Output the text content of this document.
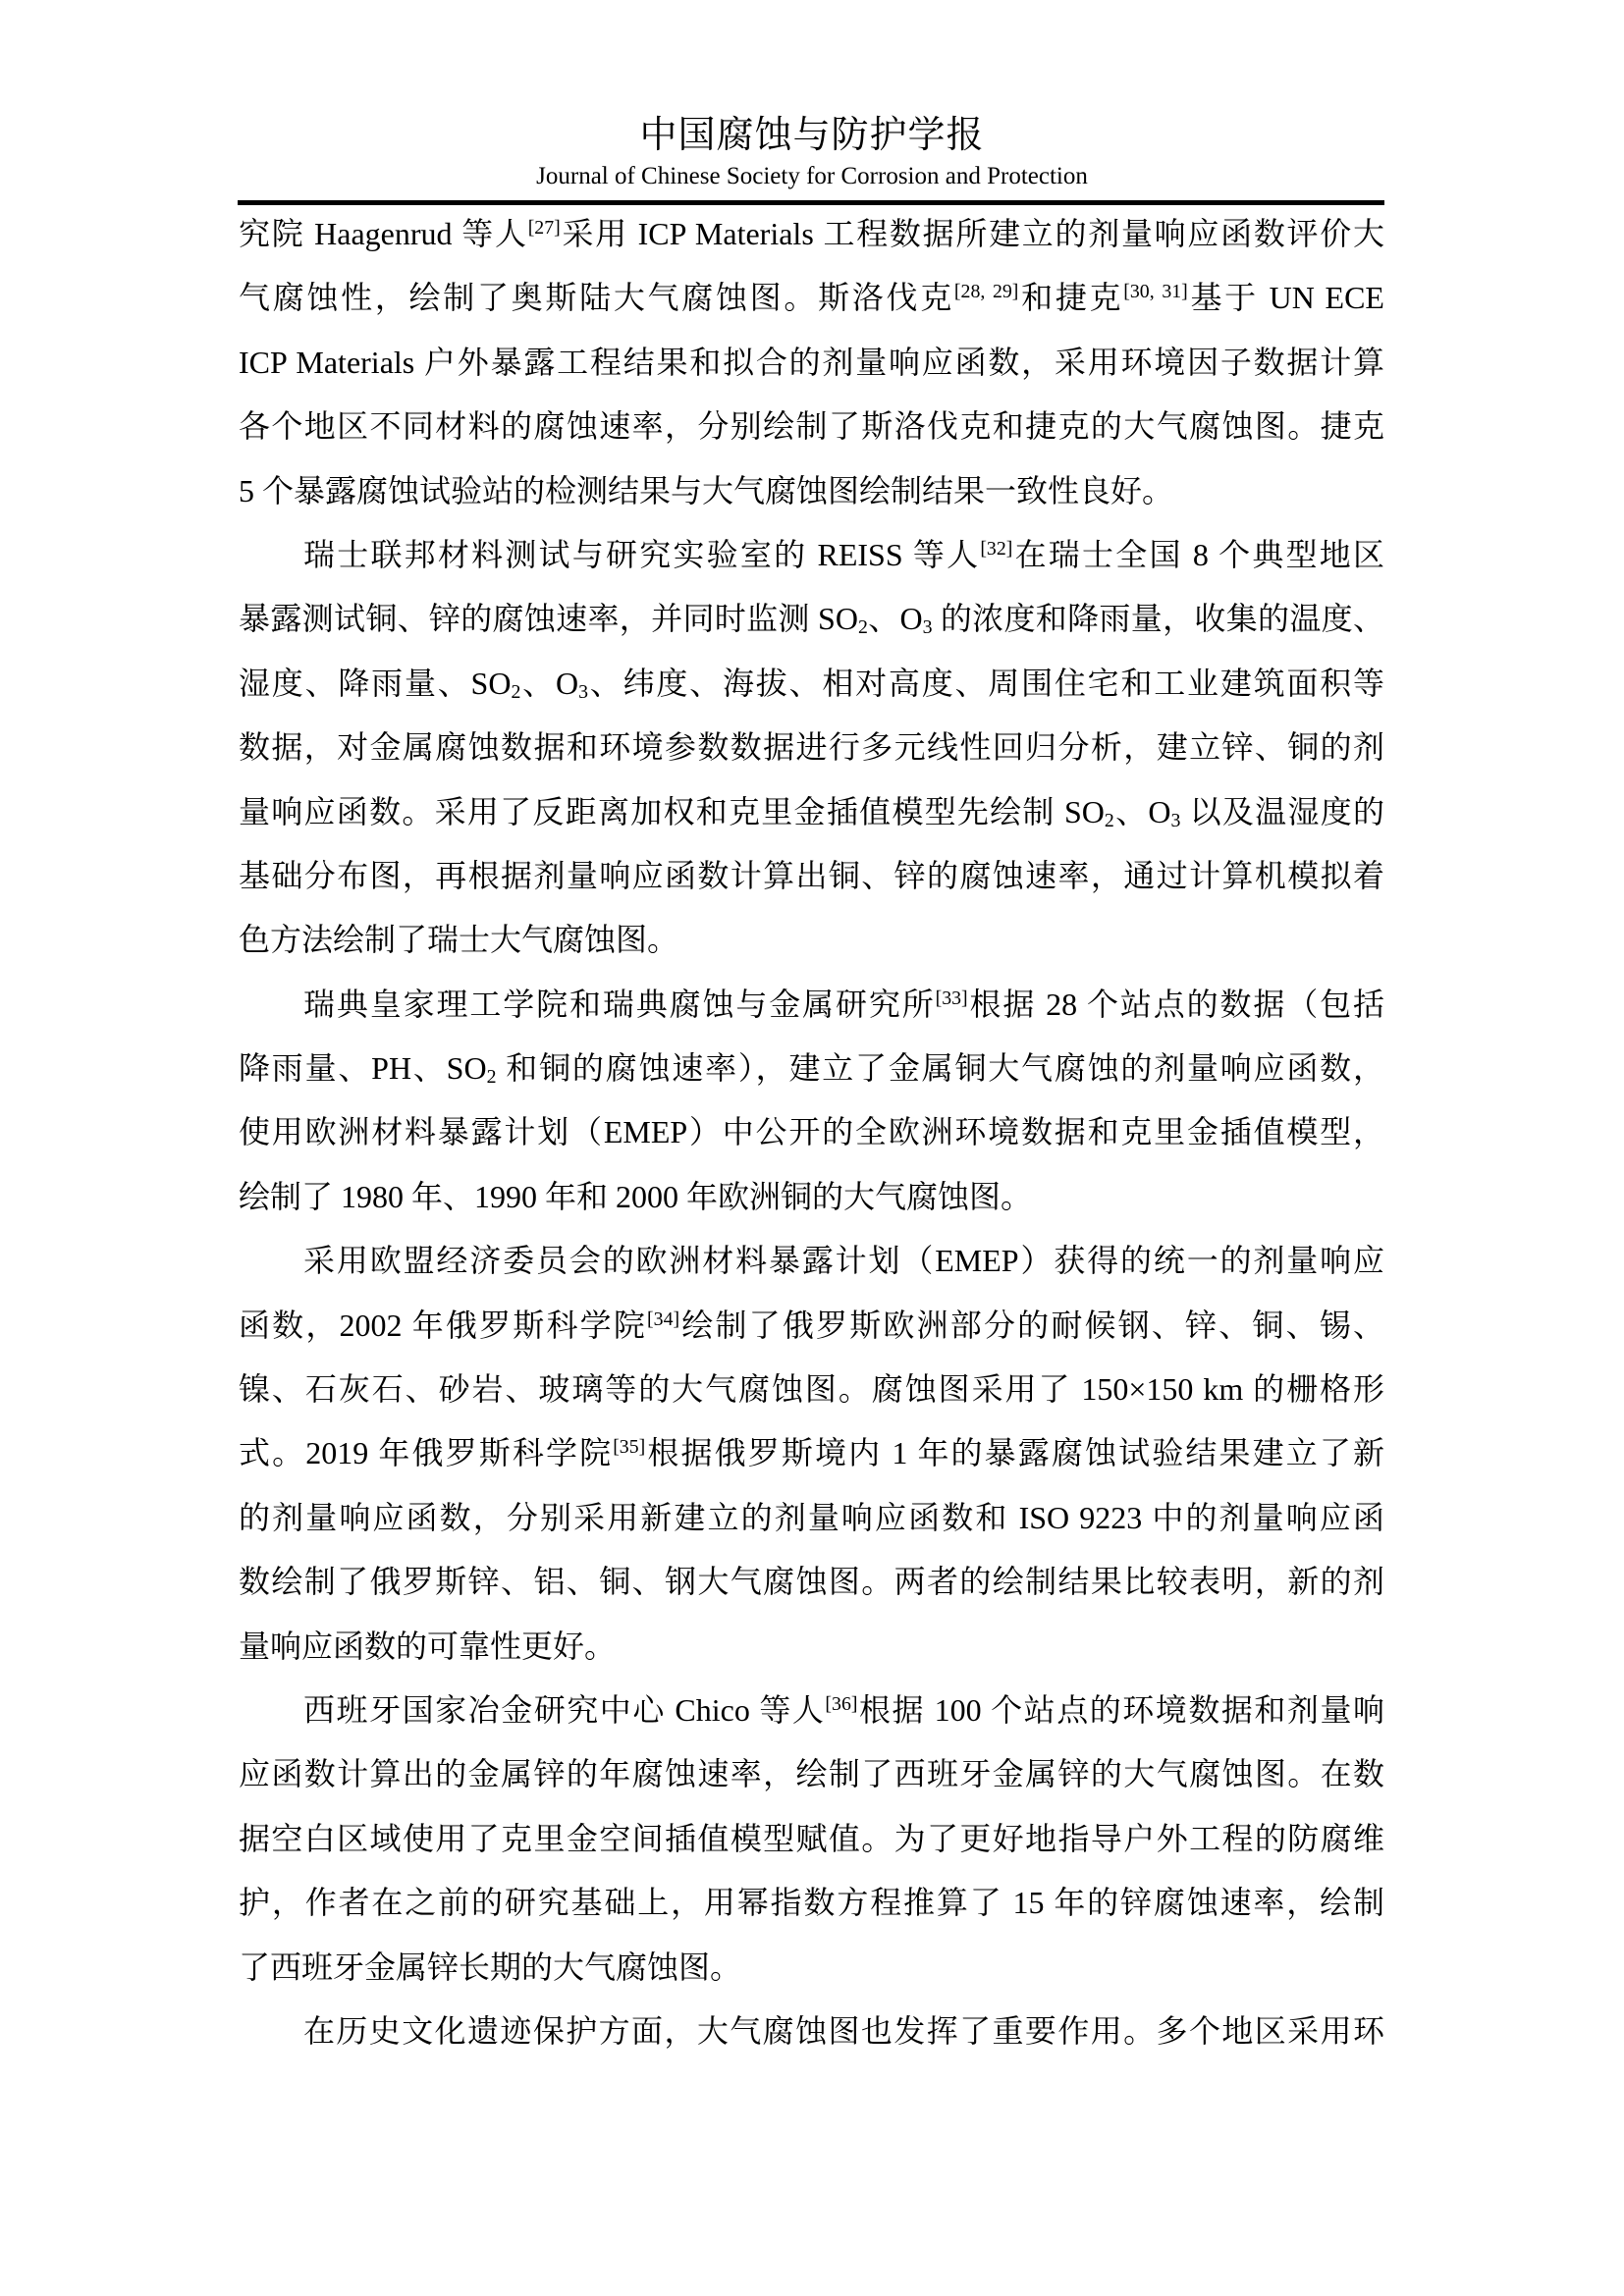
中国腐蚀与防护学报
Journal of Chinese Society for Corrosion and Protection
究院 Haagenrud 等人[27]采用 ICP Materials 工程数据所建立的剂量响应函数评价大
气腐蚀性，绘制了奥斯陆大气腐蚀图。斯洛伐克[28, 29]和捷克[30, 31]基于 UN ECE
ICP Materials 户外暴露工程结果和拟合的剂量响应函数，采用环境因子数据计算
各个地区不同材料的腐蚀速率，分别绘制了斯洛伐克和捷克的大气腐蚀图。捷克
5 个暴露腐蚀试验站的检测结果与大气腐蚀图绘制结果一致性良好。
瑞士联邦材料测试与研究实验室的 REISS 等人[32]在瑞士全国 8 个典型地区
暴露测试铜、锌的腐蚀速率，并同时监测 $SO_2$、$O_3$ 的浓度和降雨量，收集的温度、
湿度、降雨量、$SO_2$、$O_3$、纬度、海拔、相对高度、周围住宅和工业建筑面积等
数据，对金属腐蚀数据和环境参数数据进行多元线性回归分析，建立锌、铜的剂
量响应函数。采用了反距离加权和克里金插值模型先绘制 $SO_2$、$O_3$ 以及温湿度的
基础分布图，再根据剂量响应函数计算出铜、锌的腐蚀速率，通过计算机模拟着
色方法绘制了瑞士大气腐蚀图。
瑞典皇家理工学院和瑞典腐蚀与金属研究所[33]根据 28 个站点的数据（包括
降雨量、PH、$SO_2$ 和铜的腐蚀速率），建立了金属铜大气腐蚀的剂量响应函数，
使用欧洲材料暴露计划（EMEP）中公开的全欧洲环境数据和克里金插值模型，
绘制了 1980 年、1990 年和 2000 年欧洲铜的大气腐蚀图。
采用欧盟经济委员会的欧洲材料暴露计划（EMEP）获得的统一的剂量响应
函数，2002 年俄罗斯科学院[34]绘制了俄罗斯欧洲部分的耐候钢、锌、铜、锡、
镍、石灰石、砂岩、玻璃等的大气腐蚀图。腐蚀图采用了 150×150 km 的栅格形
式。2019 年俄罗斯科学院[35]根据俄罗斯境内 1 年的暴露腐蚀试验结果建立了新
的剂量响应函数，分别采用新建立的剂量响应函数和 ISO 9223 中的剂量响应函
数绘制了俄罗斯锌、铝、铜、钢大气腐蚀图。两者的绘制结果比较表明，新的剂
量响应函数的可靠性更好。
西班牙国家冶金研究中心 Chico 等人[36]根据 100 个站点的环境数据和剂量响
应函数计算出的金属锌的年腐蚀速率，绘制了西班牙金属锌的大气腐蚀图。在数
据空白区域使用了克里金空间插值模型赋值。为了更好地指导户外工程的防腐维
护，作者在之前的研究基础上，用幂指数方程推算了 15 年的锌腐蚀速率，绘制
了西班牙金属锌长期的大气腐蚀图。
在历史文化遗迹保护方面，大气腐蚀图也发挥了重要作用。多个地区采用环
